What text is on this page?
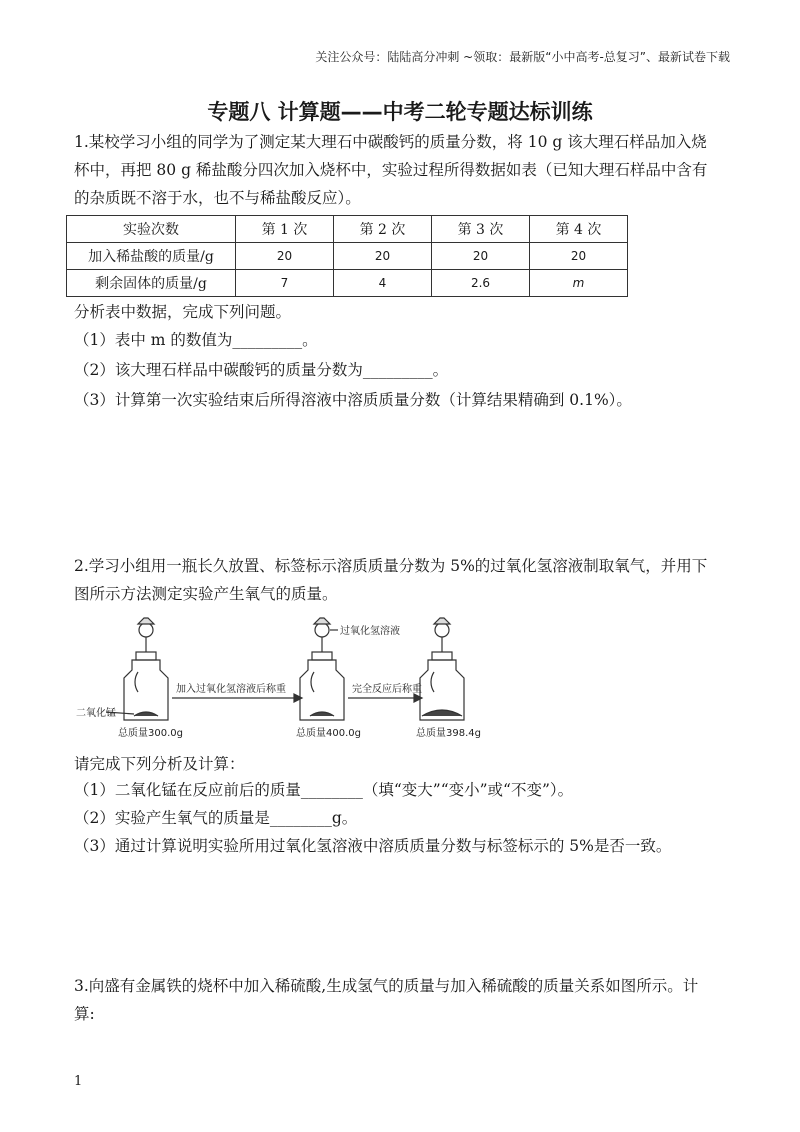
关注公众号：陆陆高分冲刺 ~领取：最新版“小中高考-总复习”、最新试卷下载
专题八 计算题——中考二轮专题达标训练
1.某校学习小组的同学为了测定某大理石中碳酸钙的质量分数，将 10 g 该大理石样品加入烧
杯中，再把 80 g 稀盐酸分四次加入烧杯中，实验过程所得数据如表（已知大理石样品中含有
的杂质既不溶于水，也不与稀盐酸反应）。
实验次数	第 1 次	第 2 次	第 3 次	第 4 次
加入稀盐酸的质量/g	20	20	20	20
剩余固体的质量/g	7	4	2.6	m
分析表中数据，完成下列问题。
（1）表中 m 的数值为_________。
（2）该大理石样品中碳酸钙的质量分数为_________。
（3）计算第一次实验结束后所得溶液中溶质质量分数（计算结果精确到 0.1%）。
2.学习小组用一瓶长久放置、标签标示溶质质量分数为 5%的过氧化氢溶液制取氧气，并用下
图所示方法测定实验产生氧气的质量。
二氧化锰
过氧化氢溶液
加入过氧化氢溶液后称重	完全反应后称重
总质量300.0g	总质量400.0g	总质量398.4g
请完成下列分析及计算：
（1）二氧化锰在反应前后的质量________（填“变大”“变小”或“不变”）。
（2）实验产生氧气的质量是________g。
（3）通过计算说明实验所用过氧化氢溶液中溶质质量分数与标签标示的 5%是否一致。
3.向盛有金属铁的烧杯中加入稀硫酸,生成氢气的质量与加入稀硫酸的质量关系如图所示。计
算:
1
